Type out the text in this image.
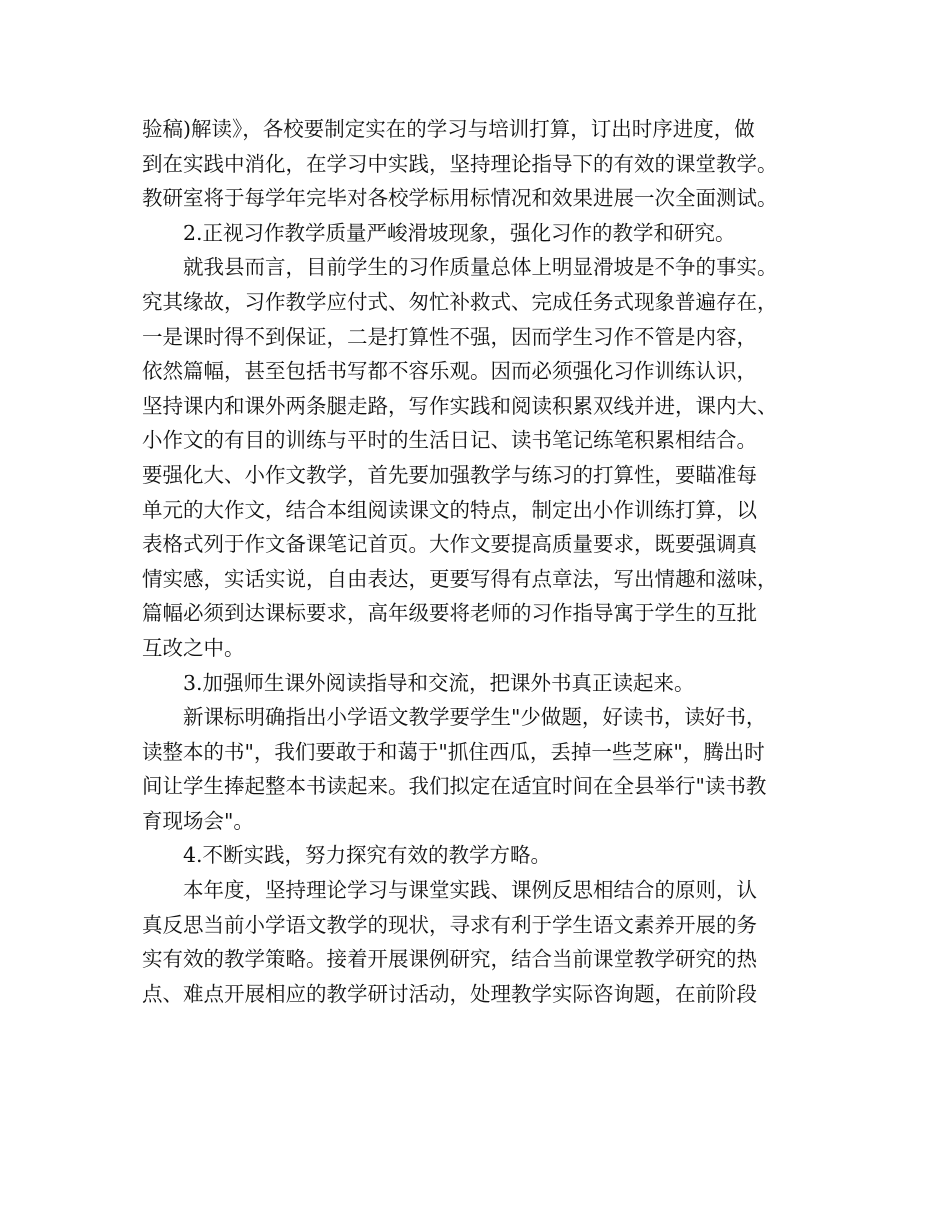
验稿)解读》，各校要制定实在的学习与培训打算，订出时序进度，做
到在实践中消化，在学习中实践，坚持理论指导下的有效的课堂教学。
教研室将于每学年完毕对各校学标用标情况和效果进展一次全面测试。
2.正视习作教学质量严峻滑坡现象，强化习作的教学和研究。
就我县而言，目前学生的习作质量总体上明显滑坡是不争的事实。
究其缘故，习作教学应付式、匆忙补救式、完成任务式现象普遍存在，
一是课时得不到保证，二是打算性不强，因而学生习作不管是内容，
依然篇幅，甚至包括书写都不容乐观。因而必须强化习作训练认识，
坚持课内和课外两条腿走路，写作实践和阅读积累双线并进，课内大、
小作文的有目的训练与平时的生活日记、读书笔记练笔积累相结合。
要强化大、小作文教学，首先要加强教学与练习的打算性，要瞄准每
单元的大作文，结合本组阅读课文的特点，制定出小作训练打算，以
表格式列于作文备课笔记首页。大作文要提高质量要求，既要强调真
情实感，实话实说，自由表达，更要写得有点章法，写出情趣和滋味，
篇幅必须到达课标要求，高年级要将老师的习作指导寓于学生的互批
互改之中。
3.加强师生课外阅读指导和交流，把课外书真正读起来。
新课标明确指出小学语文教学要学生"少做题，好读书，读好书，
读整本的书"，我们要敢于和蔼于"抓住西瓜，丢掉一些芝麻"，腾出时
间让学生捧起整本书读起来。我们拟定在适宜时间在全县举行"读书教
育现场会"。
4.不断实践，努力探究有效的教学方略。
本年度，坚持理论学习与课堂实践、课例反思相结合的原则，认
真反思当前小学语文教学的现状，寻求有利于学生语文素养开展的务
实有效的教学策略。接着开展课例研究，结合当前课堂教学研究的热
点、难点开展相应的教学研讨活动，处理教学实际咨询题，在前阶段
